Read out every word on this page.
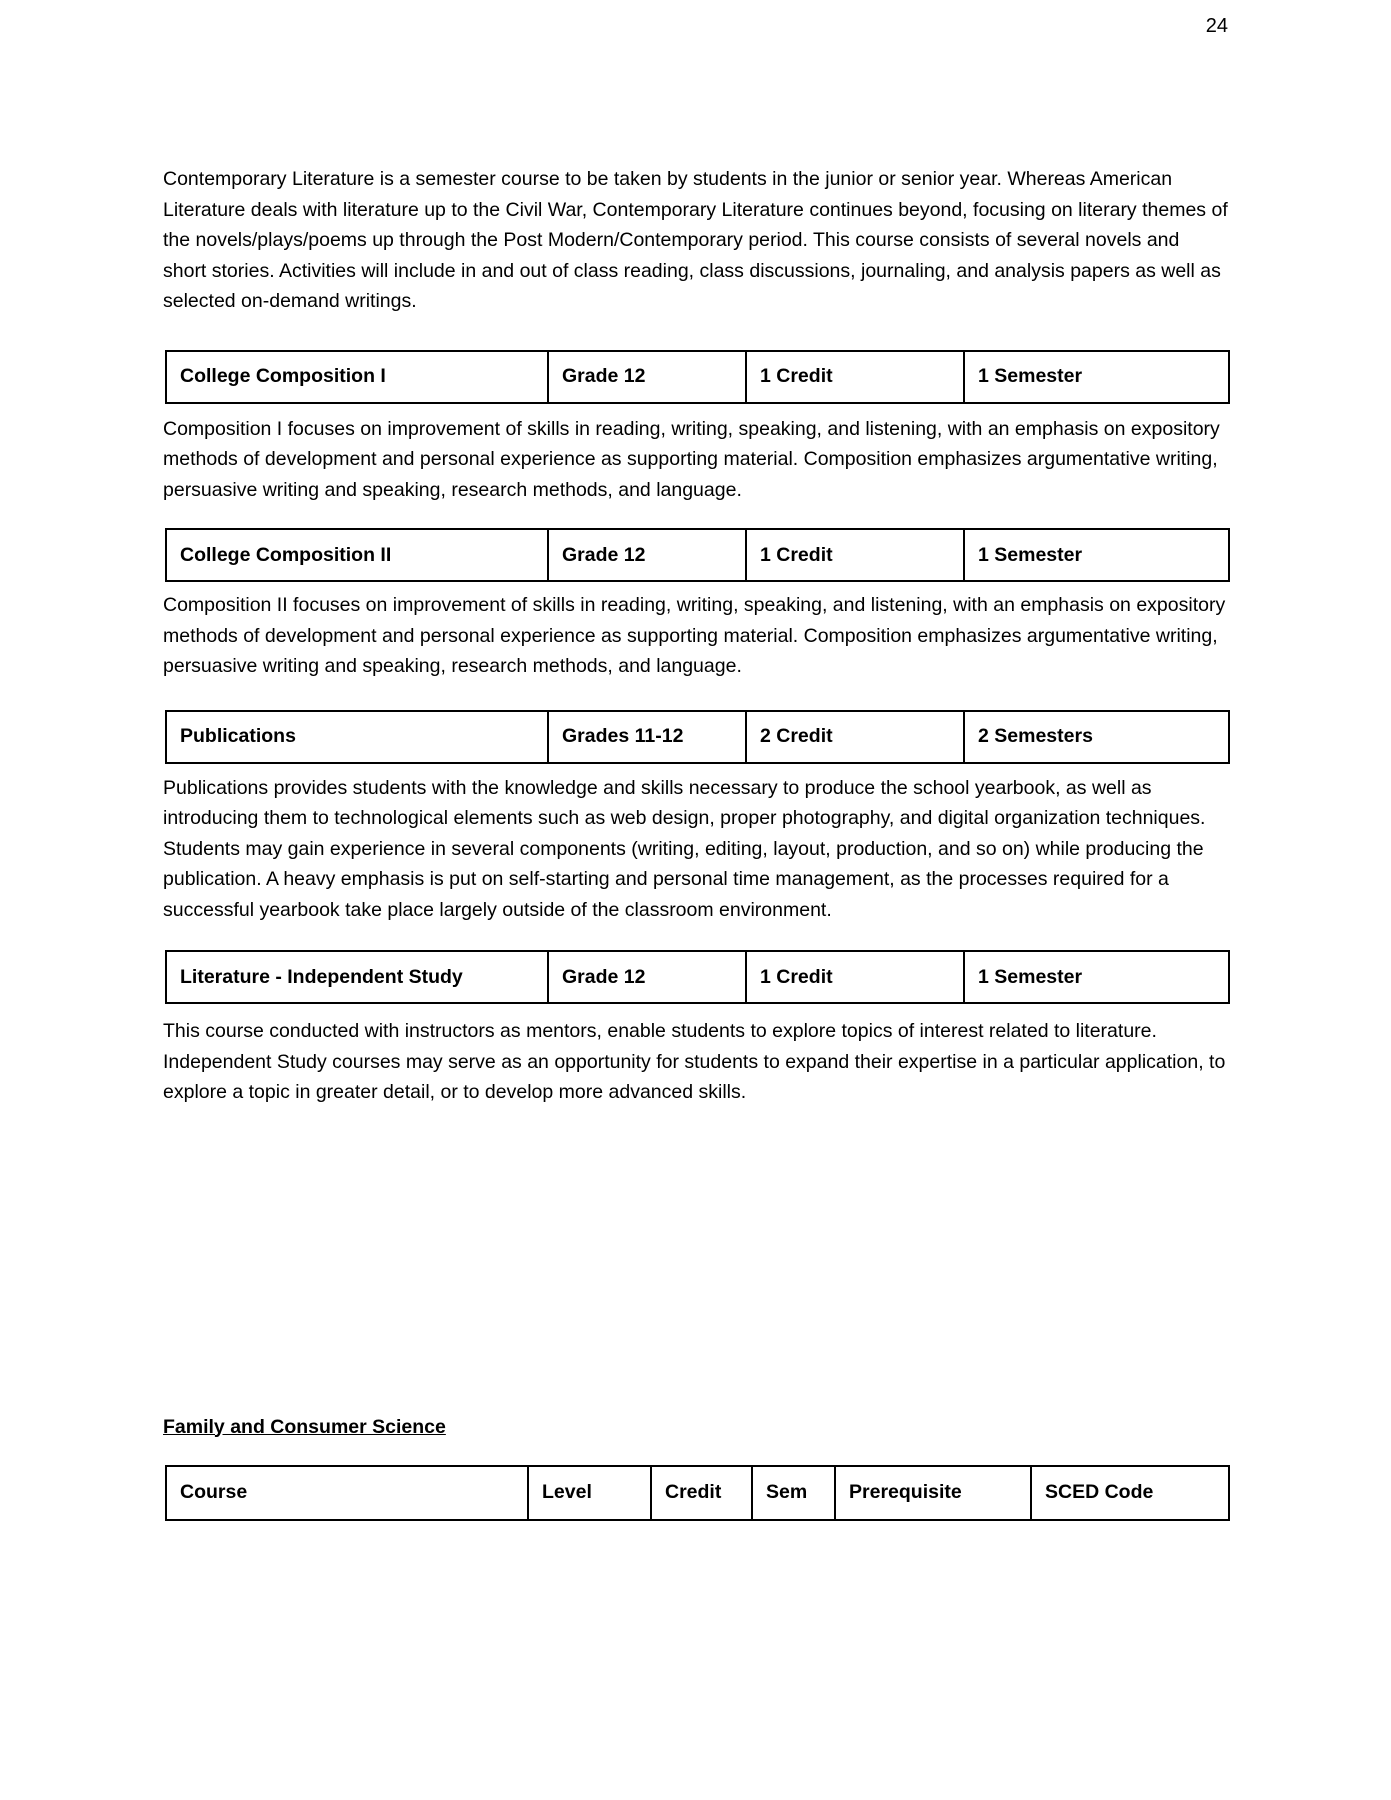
24

Contemporary Literature is a semester course to be taken by students in the junior or senior year. Whereas American Literature deals with literature up to the Civil War, Contemporary Literature continues beyond, focusing on literary themes of the novels/plays/poems up through the Post Modern/Contemporary period. This course consists of several novels and short stories. Activities will include in and out of class reading, class discussions, journaling, and analysis papers as well as selected on-demand writings.

College Composition I	Grade 12	1 Credit	1 Semester

Composition I focuses on improvement of skills in reading, writing, speaking, and listening, with an emphasis on expository methods of development and personal experience as supporting material. Composition emphasizes argumentative writing, persuasive writing and speaking, research methods, and language.

College Composition II	Grade 12	1 Credit	1 Semester

Composition II focuses on improvement of skills in reading, writing, speaking, and listening, with an emphasis on expository methods of development and personal experience as supporting material. Composition emphasizes argumentative writing, persuasive writing and speaking, research methods, and language.

Publications	Grades 11-12	2 Credit	2 Semesters

Publications provides students with the knowledge and skills necessary to produce the school yearbook, as well as introducing them to technological elements such as web design, proper photography, and digital organization techniques. Students may gain experience in several components (writing, editing, layout, production, and so on) while producing the publication. A heavy emphasis is put on self-starting and personal time management, as the processes required for a successful yearbook take place largely outside of the classroom environment.

Literature - Independent Study	Grade 12	1 Credit	1 Semester

This course conducted with instructors as mentors, enable students to explore topics of interest related to literature. Independent Study courses may serve as an opportunity for students to expand their expertise in a particular application, to explore a topic in greater detail, or to develop more advanced skills.

Family and Consumer Science
Course	Level	Credit	Sem	Prerequisite	SCED Code
